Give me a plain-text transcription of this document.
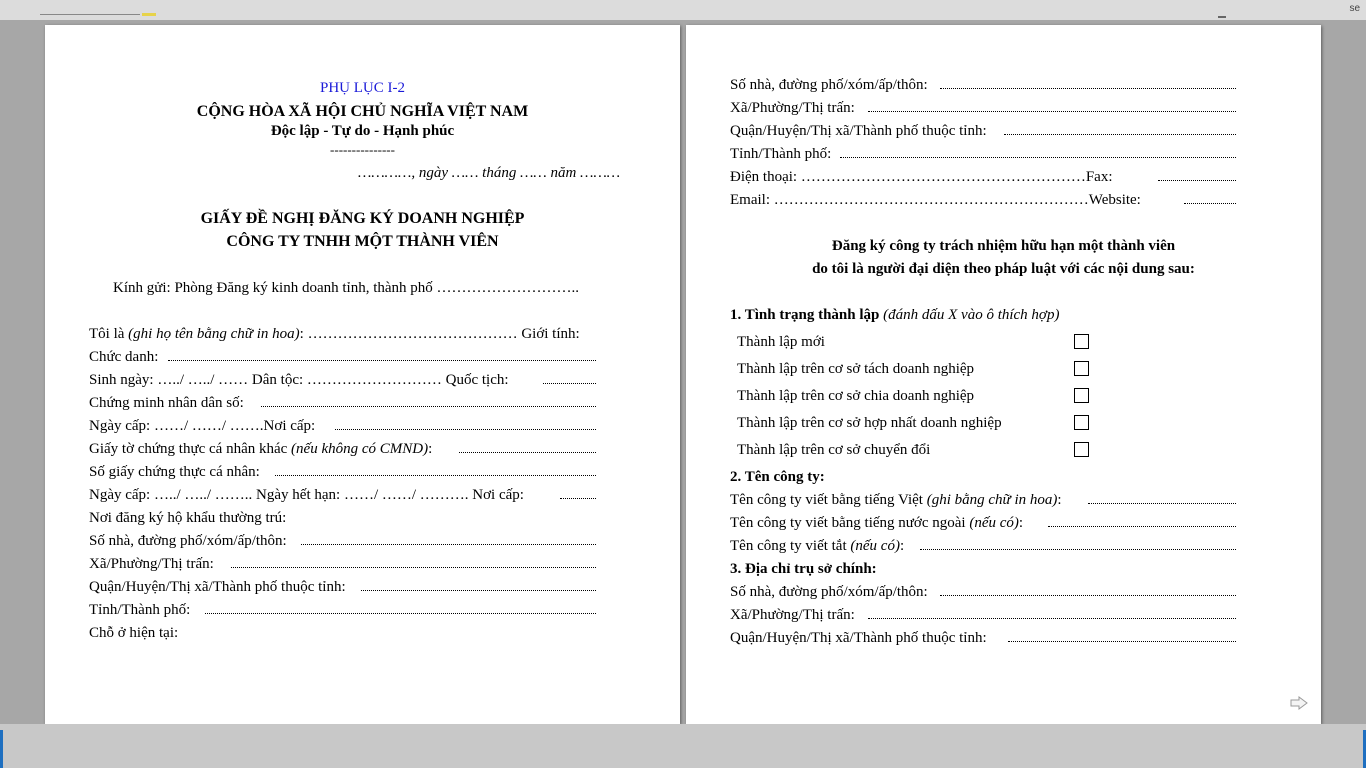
se
PHỤ LỤC I-2
CỘNG HÒA XÃ HỘI CHỦ NGHĨA VIỆT NAM
Độc lập - Tự do - Hạnh phúc
---------------
…………, ngày …… tháng …… năm ………
GIẤY ĐỀ NGHỊ ĐĂNG KÝ DOANH NGHIỆP
CÔNG TY TNHH MỘT THÀNH VIÊN
Kính gửi: Phòng Đăng ký kinh doanh tỉnh, thành phố ………………………..
Tôi là (ghi họ tên bằng chữ in hoa): …………………………………… Giới tính:
Chức danh:
Sinh ngày: …../ …../ …… Dân tộc: ……………………… Quốc tịch:
Chứng minh nhân dân số:
Ngày cấp: ……/ ……/ …….Nơi cấp:
Giấy tờ chứng thực cá nhân khác (nếu không có CMND):
Số giấy chứng thực cá nhân:
Ngày cấp: …../ …../ …….. Ngày hết hạn: ……/ ……/ ………. Nơi cấp:
Nơi đăng ký hộ khẩu thường trú:
Số nhà, đường phố/xóm/ấp/thôn:
Xã/Phường/Thị trấn:
Quận/Huyện/Thị xã/Thành phố thuộc tỉnh:
Tỉnh/Thành phố:
Chỗ ở hiện tại:
Số nhà, đường phố/xóm/ấp/thôn:
Xã/Phường/Thị trấn:
Quận/Huyện/Thị xã/Thành phố thuộc tỉnh:
Tỉnh/Thành phố:
Điện thoại: …………………………………………………Fax:
Email: ………………………………………………………Website:
Đăng ký công ty trách nhiệm hữu hạn một thành viên
do tôi là người đại diện theo pháp luật với các nội dung sau:
1. Tình trạng thành lập (đánh dấu X vào ô thích hợp)
Thành lập mới
Thành lập trên cơ sở tách doanh nghiệp
Thành lập trên cơ sở chia doanh nghiệp
Thành lập trên cơ sở hợp nhất doanh nghiệp
Thành lập trên cơ sở chuyển đổi
2. Tên công ty:
Tên công ty viết bằng tiếng Việt (ghi bằng chữ in hoa):
Tên công ty viết bằng tiếng nước ngoài (nếu có):
Tên công ty viết tắt (nếu có):
3. Địa chỉ trụ sở chính:
Số nhà, đường phố/xóm/ấp/thôn:
Xã/Phường/Thị trấn:
Quận/Huyện/Thị xã/Thành phố thuộc tỉnh:
